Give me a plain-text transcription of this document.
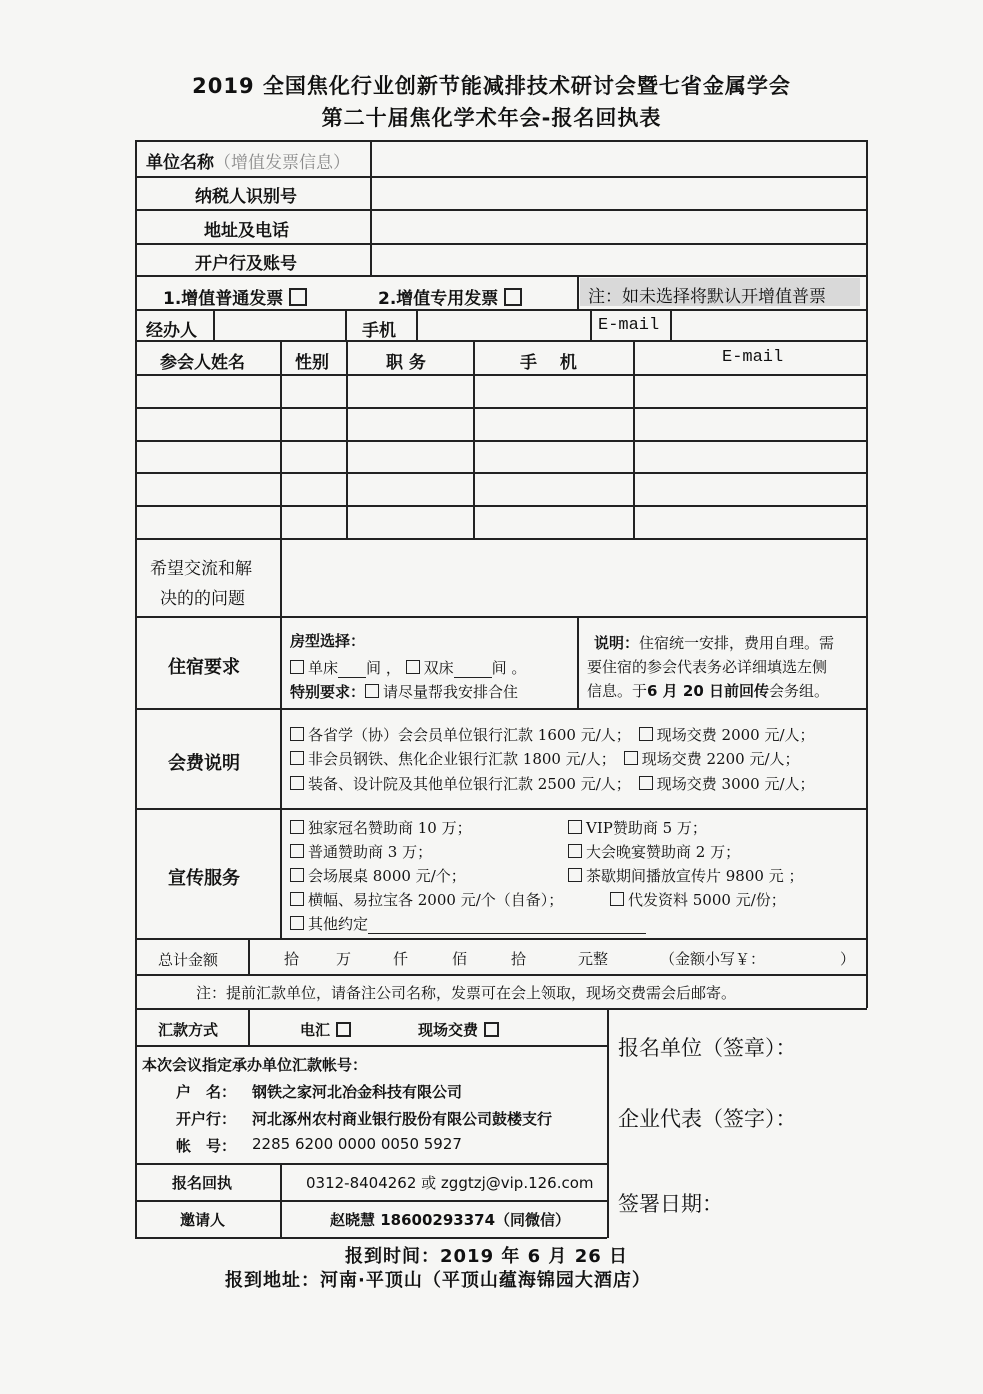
2019 全国焦化行业创新节能减排技术研讨会暨七省金属学会
第二十届焦化学术年会-报名回执表
单位名称（增值发票信息）
纳税人识别号
地址及电话
开户行及账号
1.增值普通发票	2.增值专用发票	注：如未选择将默认开增值普票
经办人	手机	E-mail
参会人姓名	性别	职 务	手　 机	E-mail
希望交流和解
决的的问题
住宿要求
房型选择：
单床 间 ， 双床	间 。
特别要求： 请尽量帮我安排合住
说明：住宿统一安排，费用自理。需
要住宿的参会代表务必详细填选左侧
信息。于6 月 20 日前回传会务组。
会费说明
各省学（协）会会员单位银行汇款 1600 元/人； 现场交费 2000 元/人；
非会员钢铁、焦化企业银行汇款 1800 元/人； 现场交费 2200 元/人；
装备、设计院及其他单位银行汇款 2500 元/人； 现场交费 3000 元/人；
宣传服务
独家冠名赞助商 10 万；
普通赞助商 3 万；
会场展桌 8000 元/个；
横幅、易拉宝各 2000 元/个（自备）；
VIP赞助商 5 万；
大会晚宴赞助商 2 万；
茶歇期间播放宣传片 9800 元 ；
代发资料 5000 元/份；
其他约定
总计金额	拾 万	仟	佰	拾	元整	（金额小写￥：	）
注：提前汇款单位，请备注公司名称，发票可在会上领取，现场交费需会后邮寄。
汇款方式	电汇	现场交费
本次会议指定承办单位汇款帐号：
户　名： 钢铁之家河北冶金科技有限公司
开户行： 河北涿州农村商业银行股份有限公司鼓楼支行
帐　号： 2285 6200 0000 0050 5927
报名回执	0312-8404262 或 zggtzj@vip.126.com
邀请人	赵晓慧 18600293374（同微信）
报名单位（签章）：
企业代表（签字）：
签署日期：
报到时间：2019 年 6 月 26 日
报到地址：河南·平顶山（平顶山蕴海锦园大酒店）
